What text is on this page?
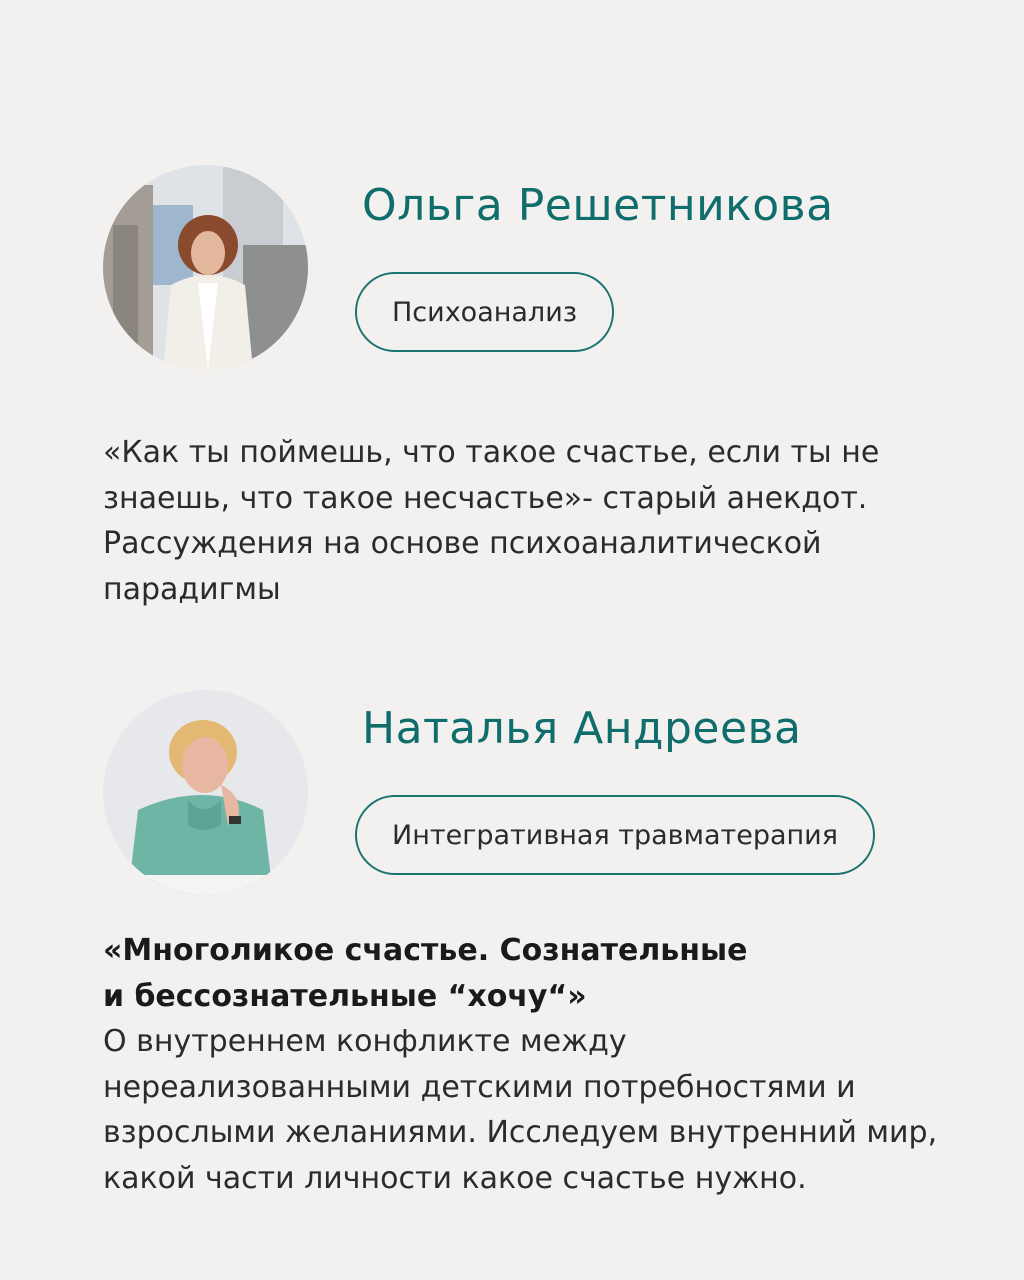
Ольга Решетникова
Психоанализ

«Как ты поймешь, что такое счастье, если ты не знаешь, что такое несчастье»- старый анекдот. Рассуждения на основе психоаналитической парадигмы

Наталья Андреева
Интегративная травматерапия

«Многоликое счастье. Сознательные
и бессознательные “хочу“»
О внутреннем конфликте между нереализованными детскими потребностями и взрослыми желаниями. Исследуем внутренний мир, какой части личности какое счастье нужно.
